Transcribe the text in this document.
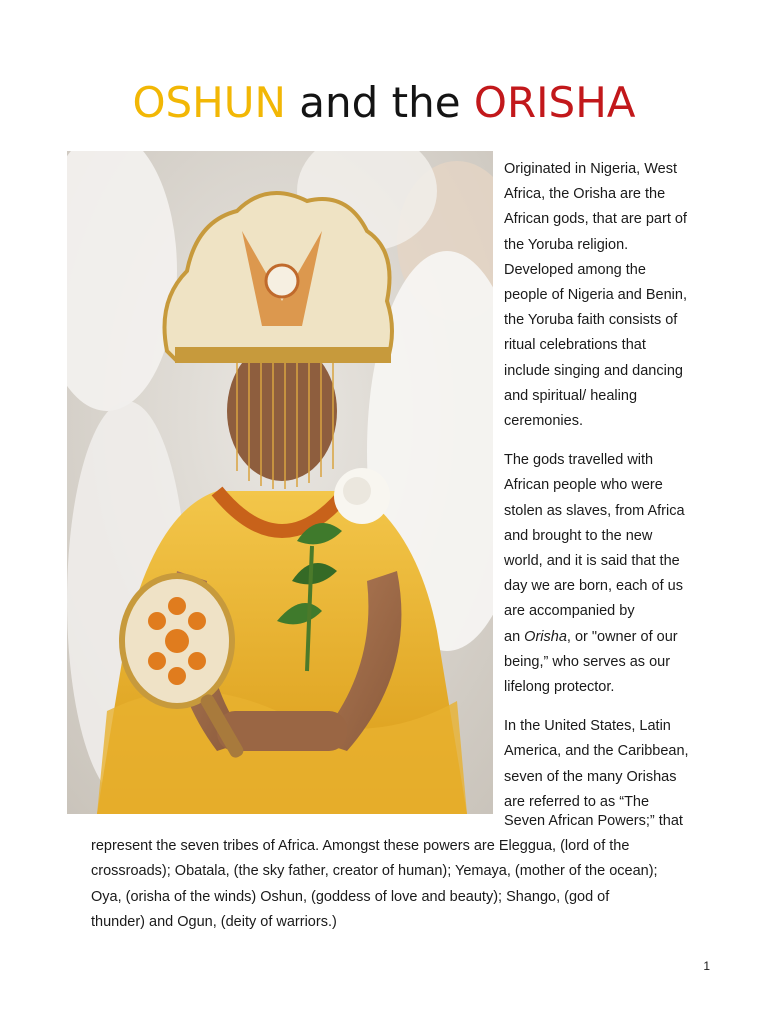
OSHUN and the ORISHA

Originated in Nigeria, West
Africa, the Orisha are the
African gods, that are part of
the Yoruba religion.
Developed among the
people of Nigeria and Benin,
the Yoruba faith consists of
ritual celebrations that
include singing and dancing
and spiritual/ healing
ceremonies.

The gods travelled with
African people who were
stolen as slaves, from Africa
and brought to the new
world, and it is said that the
day we are born, each of us
are accompanied by
an Orisha, or "owner of our
being,” who serves as our
lifelong protector.

In the United States, Latin
America, and the Caribbean,
seven of the many Orishas
are referred to as “The

Seven African Powers;” that
represent the seven tribes of Africa. Amongst these powers are Eleggua, (lord of the
crossroads); Obatala, (the sky father, creator of human); Yemaya, (mother of the ocean);
Oya, (orisha of the winds) Oshun, (goddess of love and beauty); Shango, (god of
thunder) and Ogun, (deity of warriors.)
1
